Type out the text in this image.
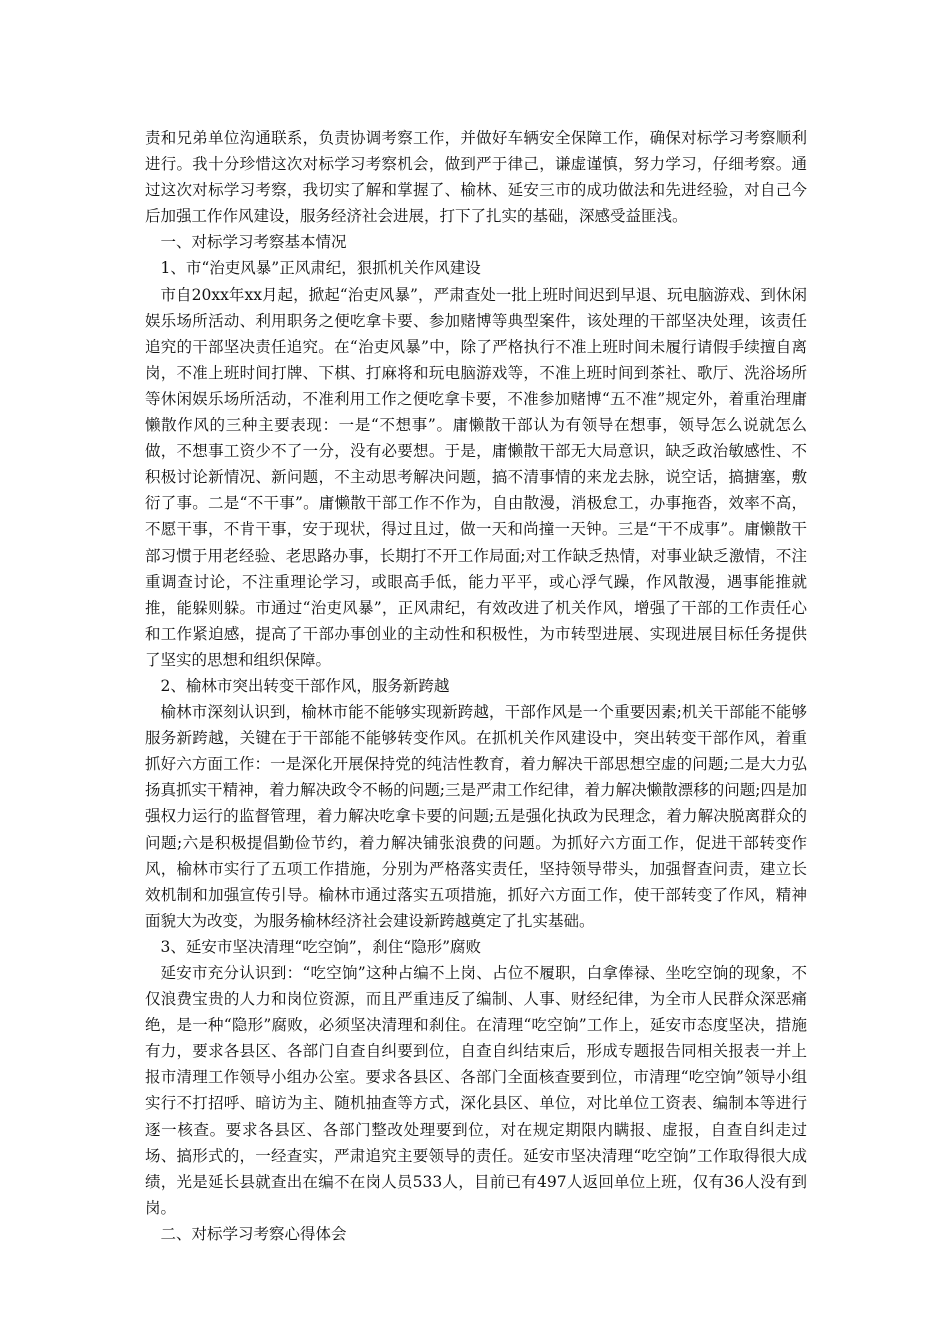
责和兄弟单位沟通联系，负责协调考察工作，并做好车辆安全保障工作，确保对标学习考察顺利进行。我十分珍惜这次对标学习考察机会，做到严于律己，谦虚谨慎，努力学习，仔细考察。通过这次对标学习考察，我切实了解和掌握了、榆林、延安三市的成功做法和先进经验，对自己今后加强工作作风建设，服务经济社会进展，打下了扎实的基础，深感受益匪浅。

一、对标学习考察基本情况

1、市“治吏风暴”正风肃纪，狠抓机关作风建设

市自20xx年xx月起，掀起“治吏风暴”，严肃查处一批上班时间迟到早退、玩电脑游戏、到休闲娱乐场所活动、利用职务之便吃拿卡要、参加赌博等典型案件，该处理的干部坚决处理，该责任追究的干部坚决责任追究。在“治吏风暴”中，除了严格执行不准上班时间未履行请假手续擅自离岗，不准上班时间打牌、下棋、打麻将和玩电脑游戏等，不准上班时间到茶社、歌厅、洗浴场所等休闲娱乐场所活动，不准利用工作之便吃拿卡要，不准参加赌博“五不准”规定外，着重治理庸懒散作风的三种主要表现：一是“不想事”。庸懒散干部认为有领导在想事，领导怎么说就怎么做，不想事工资少不了一分，没有必要想。于是，庸懒散干部无大局意识，缺乏政治敏感性、不积极讨论新情况、新问题，不主动思考解决问题，搞不清事情的来龙去脉，说空话，搞搪塞，敷衍了事。二是“不干事”。庸懒散干部工作不作为，自由散漫，消极怠工，办事拖沓，效率不高，不愿干事，不肯干事，安于现状，得过且过，做一天和尚撞一天钟。三是“干不成事”。庸懒散干部习惯于用老经验、老思路办事，长期打不开工作局面;对工作缺乏热情，对事业缺乏激情，不注重调查讨论，不注重理论学习，或眼高手低，能力平平，或心浮气躁，作风散漫，遇事能推就推，能躲则躲。市通过“治吏风暴”，正风肃纪，有效改进了机关作风，增强了干部的工作责任心和工作紧迫感，提高了干部办事创业的主动性和积极性，为市转型进展、实现进展目标任务提供了坚实的思想和组织保障。

2、榆林市突出转变干部作风，服务新跨越

榆林市深刻认识到，榆林市能不能够实现新跨越，干部作风是一个重要因素;机关干部能不能够服务新跨越，关键在于干部能不能够转变作风。在抓机关作风建设中，突出转变干部作风，着重抓好六方面工作：一是深化开展保持党的纯洁性教育，着力解决干部思想空虚的问题;二是大力弘扬真抓实干精神，着力解决政令不畅的问题;三是严肃工作纪律，着力解决懒散漂移的问题;四是加强权力运行的监督管理，着力解决吃拿卡要的问题;五是强化执政为民理念，着力解决脱离群众的问题;六是积极提倡勤俭节约，着力解决铺张浪费的问题。为抓好六方面工作，促进干部转变作风，榆林市实行了五项工作措施，分别为严格落实责任，坚持领导带头，加强督查问责，建立长效机制和加强宣传引导。榆林市通过落实五项措施，抓好六方面工作，使干部转变了作风，精神面貌大为改变，为服务榆林经济社会建设新跨越奠定了扎实基础。

3、延安市坚决清理“吃空饷”，刹住“隐形”腐败

延安市充分认识到：“吃空饷”这种占编不上岗、占位不履职，白拿俸禄、坐吃空饷的现象，不仅浪费宝贵的人力和岗位资源，而且严重违反了编制、人事、财经纪律，为全市人民群众深恶痛绝，是一种“隐形”腐败，必须坚决清理和刹住。在清理“吃空饷”工作上，延安市态度坚决，措施有力，要求各县区、各部门自查自纠要到位，自查自纠结束后，形成专题报告同相关报表一并上报市清理工作领导小组办公室。要求各县区、各部门全面核查要到位，市清理“吃空饷”领导小组实行不打招呼、暗访为主、随机抽查等方式，深化县区、单位，对比单位工资表、编制本等进行逐一核查。要求各县区、各部门整改处理要到位，对在规定期限内瞒报、虚报，自查自纠走过场、搞形式的，一经查实，严肃追究主要领导的责任。延安市坚决清理“吃空饷”工作取得很大成绩，光是延长县就查出在编不在岗人员533人，目前已有497人返回单位上班，仅有36人没有到岗。

二、对标学习考察心得体会
